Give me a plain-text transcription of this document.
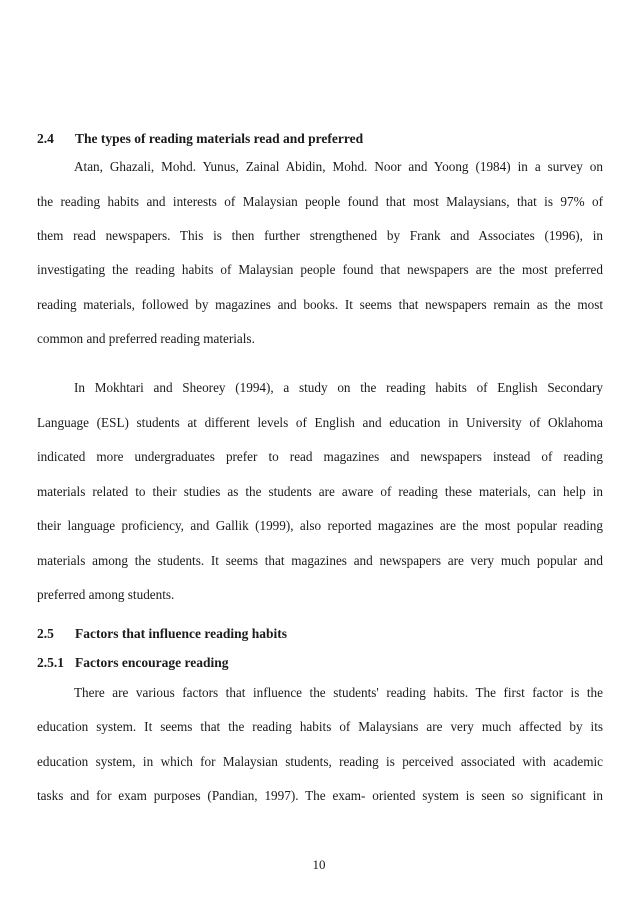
2.4 The types of reading materials read and preferred
Atan, Ghazali, Mohd. Yunus, Zainal Abidin, Mohd. Noor and Yoong (1984) in a survey on
the reading habits and interests of Malaysian people found that most Malaysians, that is 97% of
them read newspapers. This is then further strengthened by Frank and Associates (1996), in
investigating the reading habits of Malaysian people found that newspapers are the most preferred
reading materials, followed by magazines and books. It seems that newspapers remain as the most
common and preferred reading materials.
In Mokhtari and Sheorey (1994), a study on the reading habits of English Secondary
Language (ESL) students at different levels of English and education in University of Oklahoma
indicated more undergraduates prefer to read magazines and newspapers instead of reading
materials related to their studies as the students are aware of reading these materials, can help in
their language proficiency, and Gallik (1999), also reported magazines are the most popular reading
materials among the students. It seems that magazines and newspapers are very much popular and
preferred among students.
2.5 Factors that influence reading habits
2.5.1 Factors encourage reading
There are various factors that influence the students' reading habits. The first factor is the
education system. It seems that the reading habits of Malaysians are very much affected by its
education system, in which for Malaysian students, reading is perceived associated with academic
tasks and for exam purposes (Pandian, 1997). The exam- oriented system is seen so significant in
10
